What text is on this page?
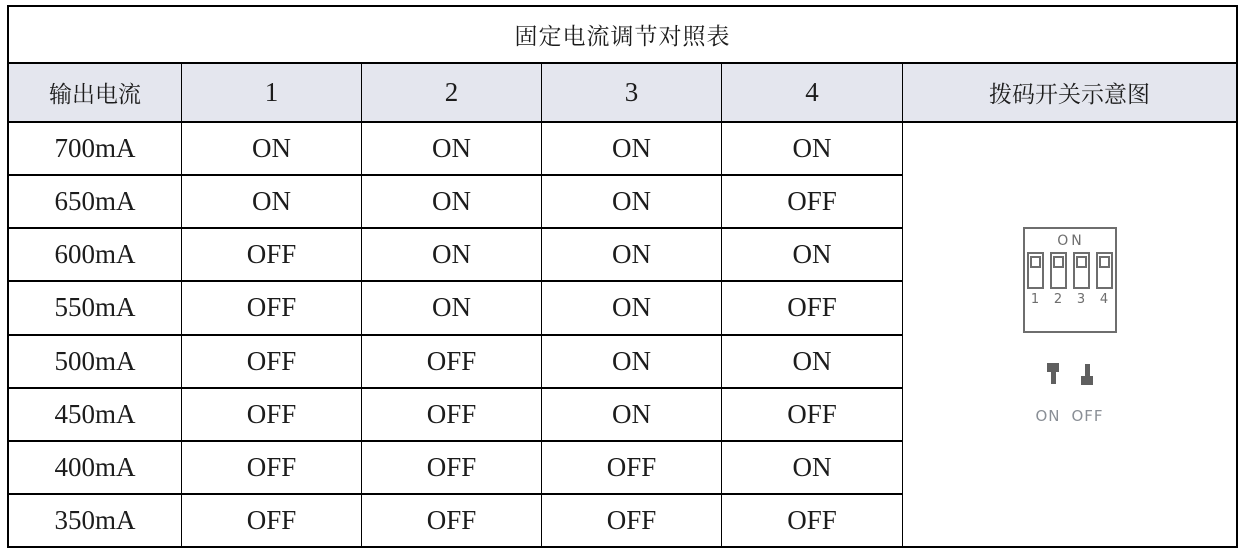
固定电流调节对照表
输出电流	1	2	3	4	拨码开关示意图
ON
1	2	3	4
ON OFF
700mA	ON	ON	ON	ON
650mA	ON	ON	ON	OFF
600mA	OFF	ON	ON	ON
550mA	OFF	ON	ON	OFF
500mA	OFF	OFF	ON	ON
450mA	OFF	OFF	ON	OFF
400mA	OFF	OFF	OFF	ON
350mA	OFF	OFF	OFF	OFF
